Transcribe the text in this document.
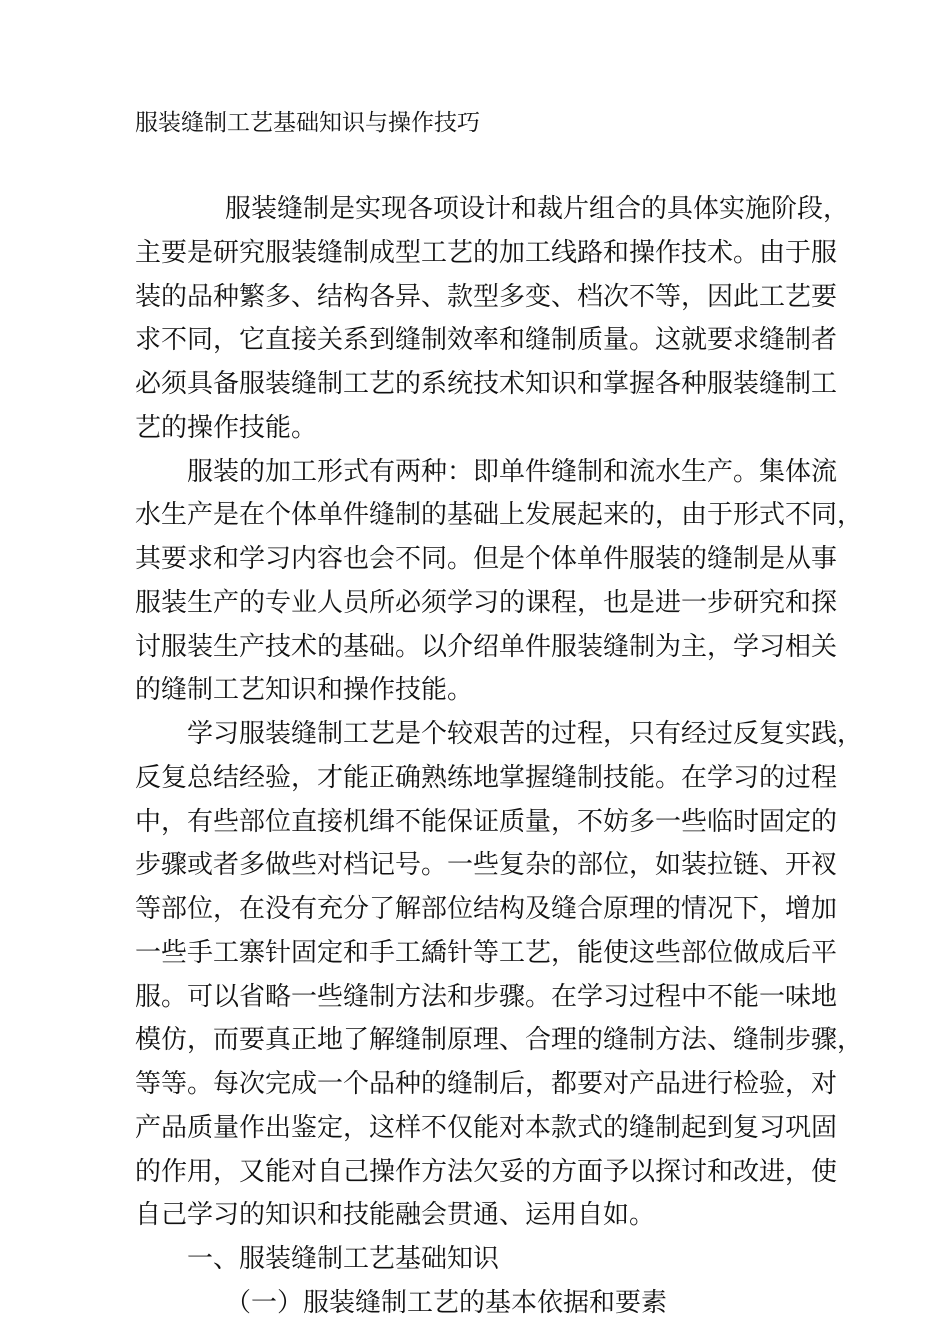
服装缝制工艺基础知识与操作技巧
服装缝制是实现各项设计和裁片组合的具体实施阶段，
主要是研究服装缝制成型工艺的加工线路和操作技术。由于服
装的品种繁多、结构各异、款型多变、档次不等，因此工艺要
求不同，它直接关系到缝制效率和缝制质量。这就要求缝制者
必须具备服装缝制工艺的系统技术知识和掌握各种服装缝制工
艺的操作技能。
服装的加工形式有两种：即单件缝制和流水生产。集体流
水生产是在个体单件缝制的基础上发展起来的，由于形式不同，
其要求和学习内容也会不同。但是个体单件服装的缝制是从事
服装生产的专业人员所必须学习的课程，也是进一步研究和探
讨服装生产技术的基础。以介绍单件服装缝制为主，学习相关
的缝制工艺知识和操作技能。
学习服装缝制工艺是个较艰苦的过程，只有经过反复实践，
反复总结经验，才能正确熟练地掌握缝制技能。在学习的过程
中，有些部位直接机缉不能保证质量，不妨多一些临时固定的
步骤或者多做些对档记号。一些复杂的部位，如装拉链、开衩
等部位，在没有充分了解部位结构及缝合原理的情况下，增加
一些手工寨针固定和手工繑针等工艺，能使这些部位做成后平
服。可以省略一些缝制方法和步骤。在学习过程中不能一味地
模仿，而要真正地了解缝制原理、合理的缝制方法、缝制步骤，
等等。每次完成一个品种的缝制后，都要对产品进行检验，对
产品质量作出鉴定，这样不仅能对本款式的缝制起到复习巩固
的作用，又能对自己操作方法欠妥的方面予以探讨和改进，使
自己学习的知识和技能融会贯通、运用自如。
一、服装缝制工艺基础知识
（一）服装缝制工艺的基本依据和要素
